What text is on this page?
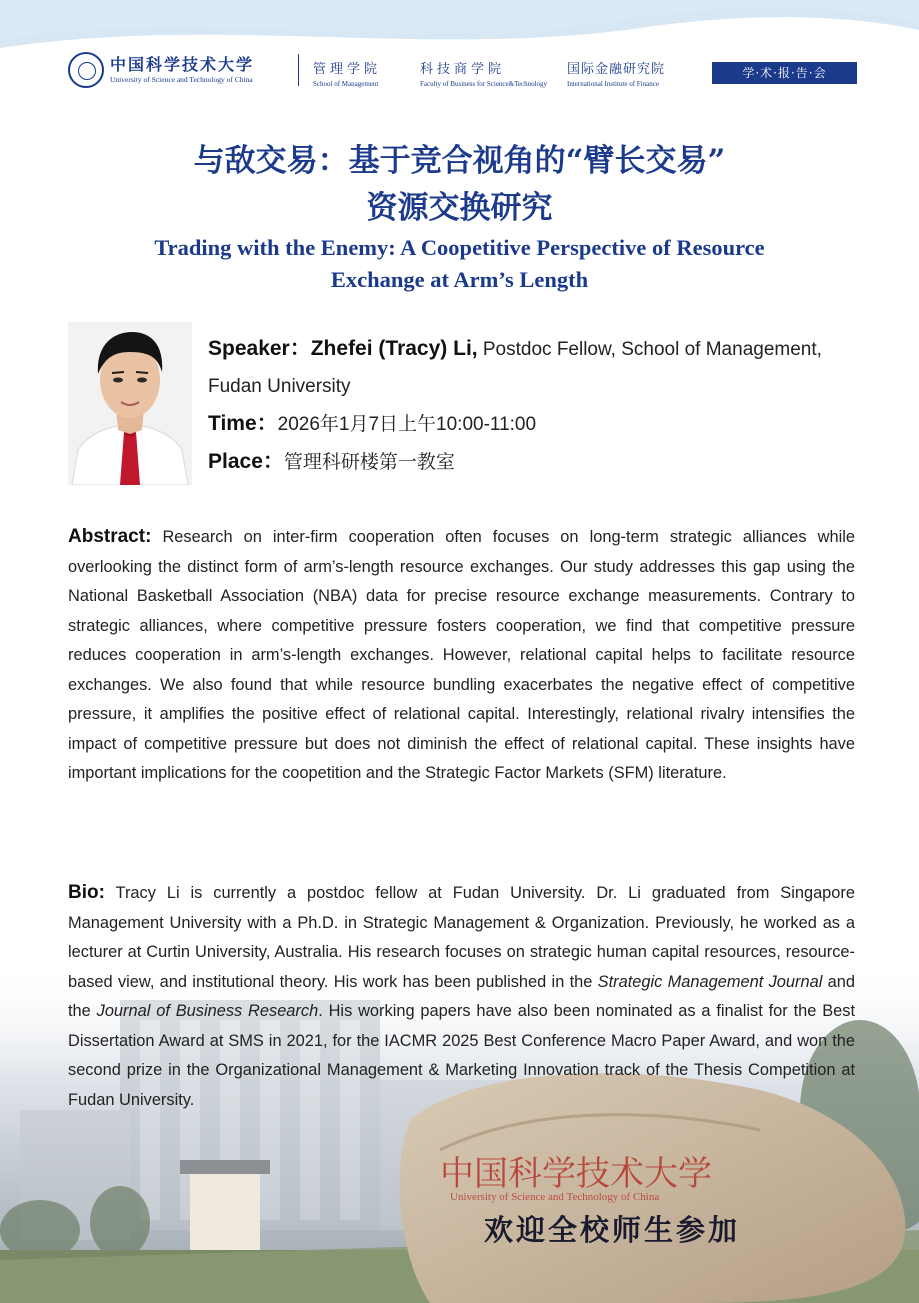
中国科学技术大学
University of Science and Technology of China
管理学院
School of Management
科技商学院
Faculty of Business for Science&Technology
国际金融研究院
International Institute of Finance
学·术·报·告·会
与敌交易：基于竞合视角的“臂长交易”
资源交换研究
Trading with the Enemy: A Coopetitive Perspective of Resource
Exchange at Arm’s Length
Speaker：Zhefei (Tracy) Li, Postdoc Fellow, School of Management, Fudan University
Time：2026年1月7日上午10:00-11:00
Place：管理科研楼第一教室
中国科学技术大学
University of Science and Technology of China
Abstract: Research on inter-firm cooperation often focuses on long-term strategic alliances while overlooking the distinct form of arm’s-length resource exchanges. Our study addresses this gap using the National Basketball Association (NBA) data for precise resource exchange measurements. Contrary to strategic alliances, where competitive pressure fosters cooperation, we find that competitive pressure reduces cooperation in arm’s-length exchanges. However, relational capital helps to facilitate resource exchanges. We also found that while resource bundling exacerbates the negative effect of competitive pressure, it amplifies the positive effect of relational capital. Interestingly, relational rivalry intensifies the impact of competitive pressure but does not diminish the effect of relational capital. These insights have important implications for the coopetition and the Strategic Factor Markets (SFM) literature.
Bio: Tracy Li is currently a postdoc fellow at Fudan University. Dr. Li graduated from Singapore Management University with a Ph.D. in Strategic Management & Organization. Previously, he worked as a lecturer at Curtin University, Australia. His research focuses on strategic human capital resources, resource-based view, and institutional theory. His work has been published in the Strategic Management Journal and the Journal of Business Research. His working papers have also been nominated as a finalist for the Best Dissertation Award at SMS in 2021, for the IACMR 2025 Best Conference Macro Paper Award, and won the second prize in the Organizational Management & Marketing Innovation track of the Thesis Competition at Fudan University.
欢迎全校师生参加
